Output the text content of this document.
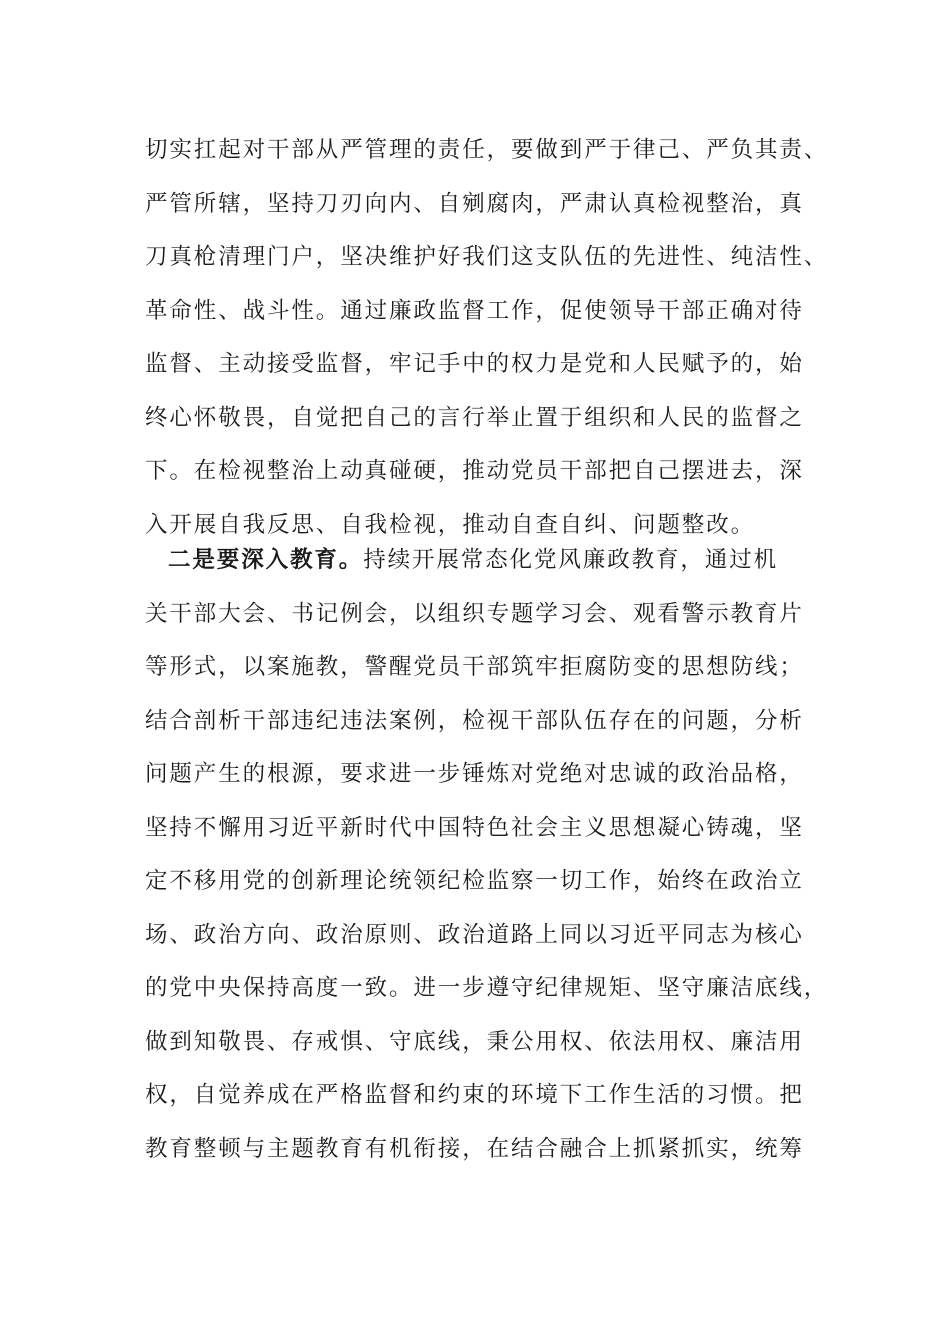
切实扛起对干部从严管理的责任，要做到严于律己、严负其责、
严管所辖，坚持刀刃向内、自剜腐肉，严肃认真检视整治，真
刀真枪清理门户，坚决维护好我们这支队伍的先进性、纯洁性、
革命性、战斗性。通过廉政监督工作，促使领导干部正确对待
监督、主动接受监督，牢记手中的权力是党和人民赋予的，始
终心怀敬畏，自觉把自己的言行举止置于组织和人民的监督之
下。在检视整治上动真碰硬，推动党员干部把自己摆进去，深
入开展自我反思、自我检视，推动自查自纠、问题整改。
二是要深入教育。持续开展常态化党风廉政教育，通过机
关干部大会、书记例会，以组织专题学习会、观看警示教育片
等形式，以案施教，警醒党员干部筑牢拒腐防变的思想防线；
结合剖析干部违纪违法案例，检视干部队伍存在的问题，分析
问题产生的根源，要求进一步锤炼对党绝对忠诚的政治品格，
坚持不懈用习近平新时代中国特色社会主义思想凝心铸魂，坚
定不移用党的创新理论统领纪检监察一切工作，始终在政治立
场、政治方向、政治原则、政治道路上同以习近平同志为核心
的党中央保持高度一致。进一步遵守纪律规矩、坚守廉洁底线，
做到知敬畏、存戒惧、守底线，秉公用权、依法用权、廉洁用
权，自觉养成在严格监督和约束的环境下工作生活的习惯。把
教育整顿与主题教育有机衔接，在结合融合上抓紧抓实，统筹
